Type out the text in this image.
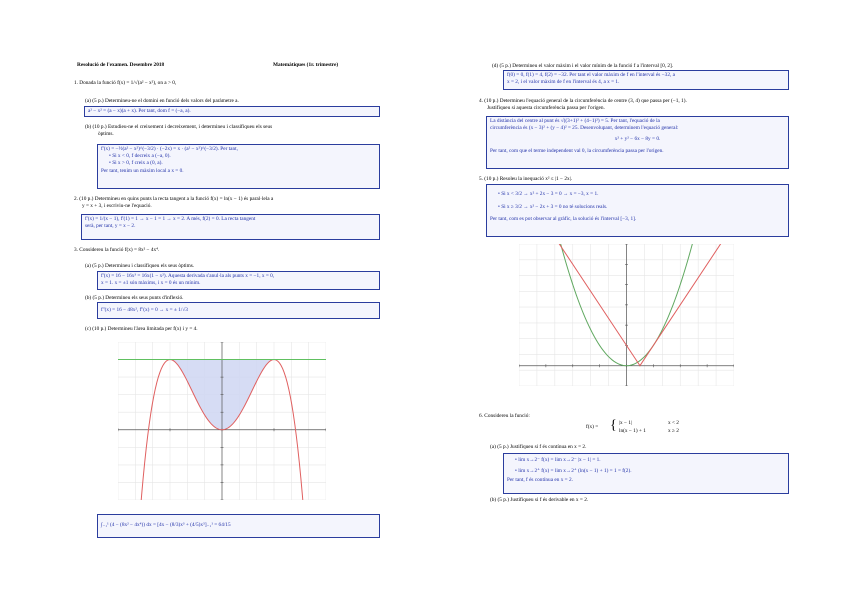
Resolució de l'examen. Desembre 2018	Matemàtiques (1r. trimestre)
1. Donada la funció f(x) = 1/√(a² − x²), on a > 0,
(a) (5 p.) Determineu-ne el domini en funció dels valors del paràmetre a.
a² − x² = (a − x)(a + x). Per tant, dom f = (−a, a).
(b) (10 p.) Estudieu-ne el creixement i decreixement, i determineu i classifiqueu els seus
òptims.
f'(x) = −½(a² − x²)^(−3/2) · (−2x) = x · (a² − x²)^(−3/2). Per tant,
• Si x < 0, f decreix a (−a, 0).
• Si x > 0, f creix a (0, a).
Per tant, tenim un màxim local a x = 0.
2. (10 p.) Determineu en quins punts la recta tangent a la funció f(x) = ln(x − 1) és paral·lela a
y = x + 3, i escriviu-ne l'equació.
f'(x) = 1/(x − 1), f'(1) = 1 → x − 1 = 1 → x = 2. A més, f(2) = 0. La recta tangent
serà, per tant, y = x − 2.
3. Considereu la funció f(x) = 8x² − 4x⁴.
(a) (5 p.) Determineu i classifiqueu els seus òptims.
f'(x) = 16 − 16x³ = 16x(1 − x²). Aquesta derivada s'anul·la als punts x = −1, x = 0,
x = 1. x = ±1 són màxims, i x = 0 és un mínim.
(b) (5 p.) Determineu els seus punts d'inflexió.
f''(x) = 16 − 48x², f''(x) = 0 → x = ± 1/√3
(c) (10 p.) Determineu l'àrea limitada per f(x) i y = 4.
∫₋₁¹ (4 − (8x² − 4x⁴)) dx = [4x − (8/3)x³ + (4/5)x⁵]₋₁¹ = 64/15
(d) (5 p.) Determineu el valor màxim i el valor mínim de la funció f a l'interval [0, 2].
f(0) = 0, f(1) = 4, f(2) = −32. Per tant el valor màxim de f en l'interval és −32, a
x = 2, i el valor màxim de f en l'interval és 4, a x = 1.
4. (10 p.) Determineu l'equació general de la circumferència de centre (3, 4) que passa per (−1, 1).
Justifiqueu si aquesta circumferència passa per l'origen.
La distància del centre al punt és √((3+1)² + (4−1)²) = 5. Per tant, l'equació de la
circumferència és (x − 3)² + (y − 4)² = 25. Desenvolupant, determinem l'equació general:
x² + y² − 6x − 8y = 0.
Per tant, com que el terme independent val 0, la circumferència passa per l'origen.
5. (10 p.) Resoleu la inequació x² ≤ |1 − 2x|.
• Si x < 3/2 → x² + 2x − 3 = 0 → x = −3, x = 1.
• Si x ≥ 3/2 → x² − 2x + 3 = 0 no té solucions reals.
Per tant, com es pot observar al gràfic, la solució és l'interval [−3, 1].
6. Considereu la funció:
f(x) = { |x − 1|	x < 2
ln(x − 1) + 1	x ≥ 2
(a) (5 p.) Justifiqueu si f és contínua en x = 2.
• lim x→2⁻ f(x) = lim x→2⁻ |x − 1| = 1.
• lim x→2⁺ f(x) = lim x→2⁺ (ln(x − 1) + 1) = 1 = f(2).
Per tant, f és contínua en x = 2.
(b) (5 p.) Justifiqueu si f és derivable en x = 2.
